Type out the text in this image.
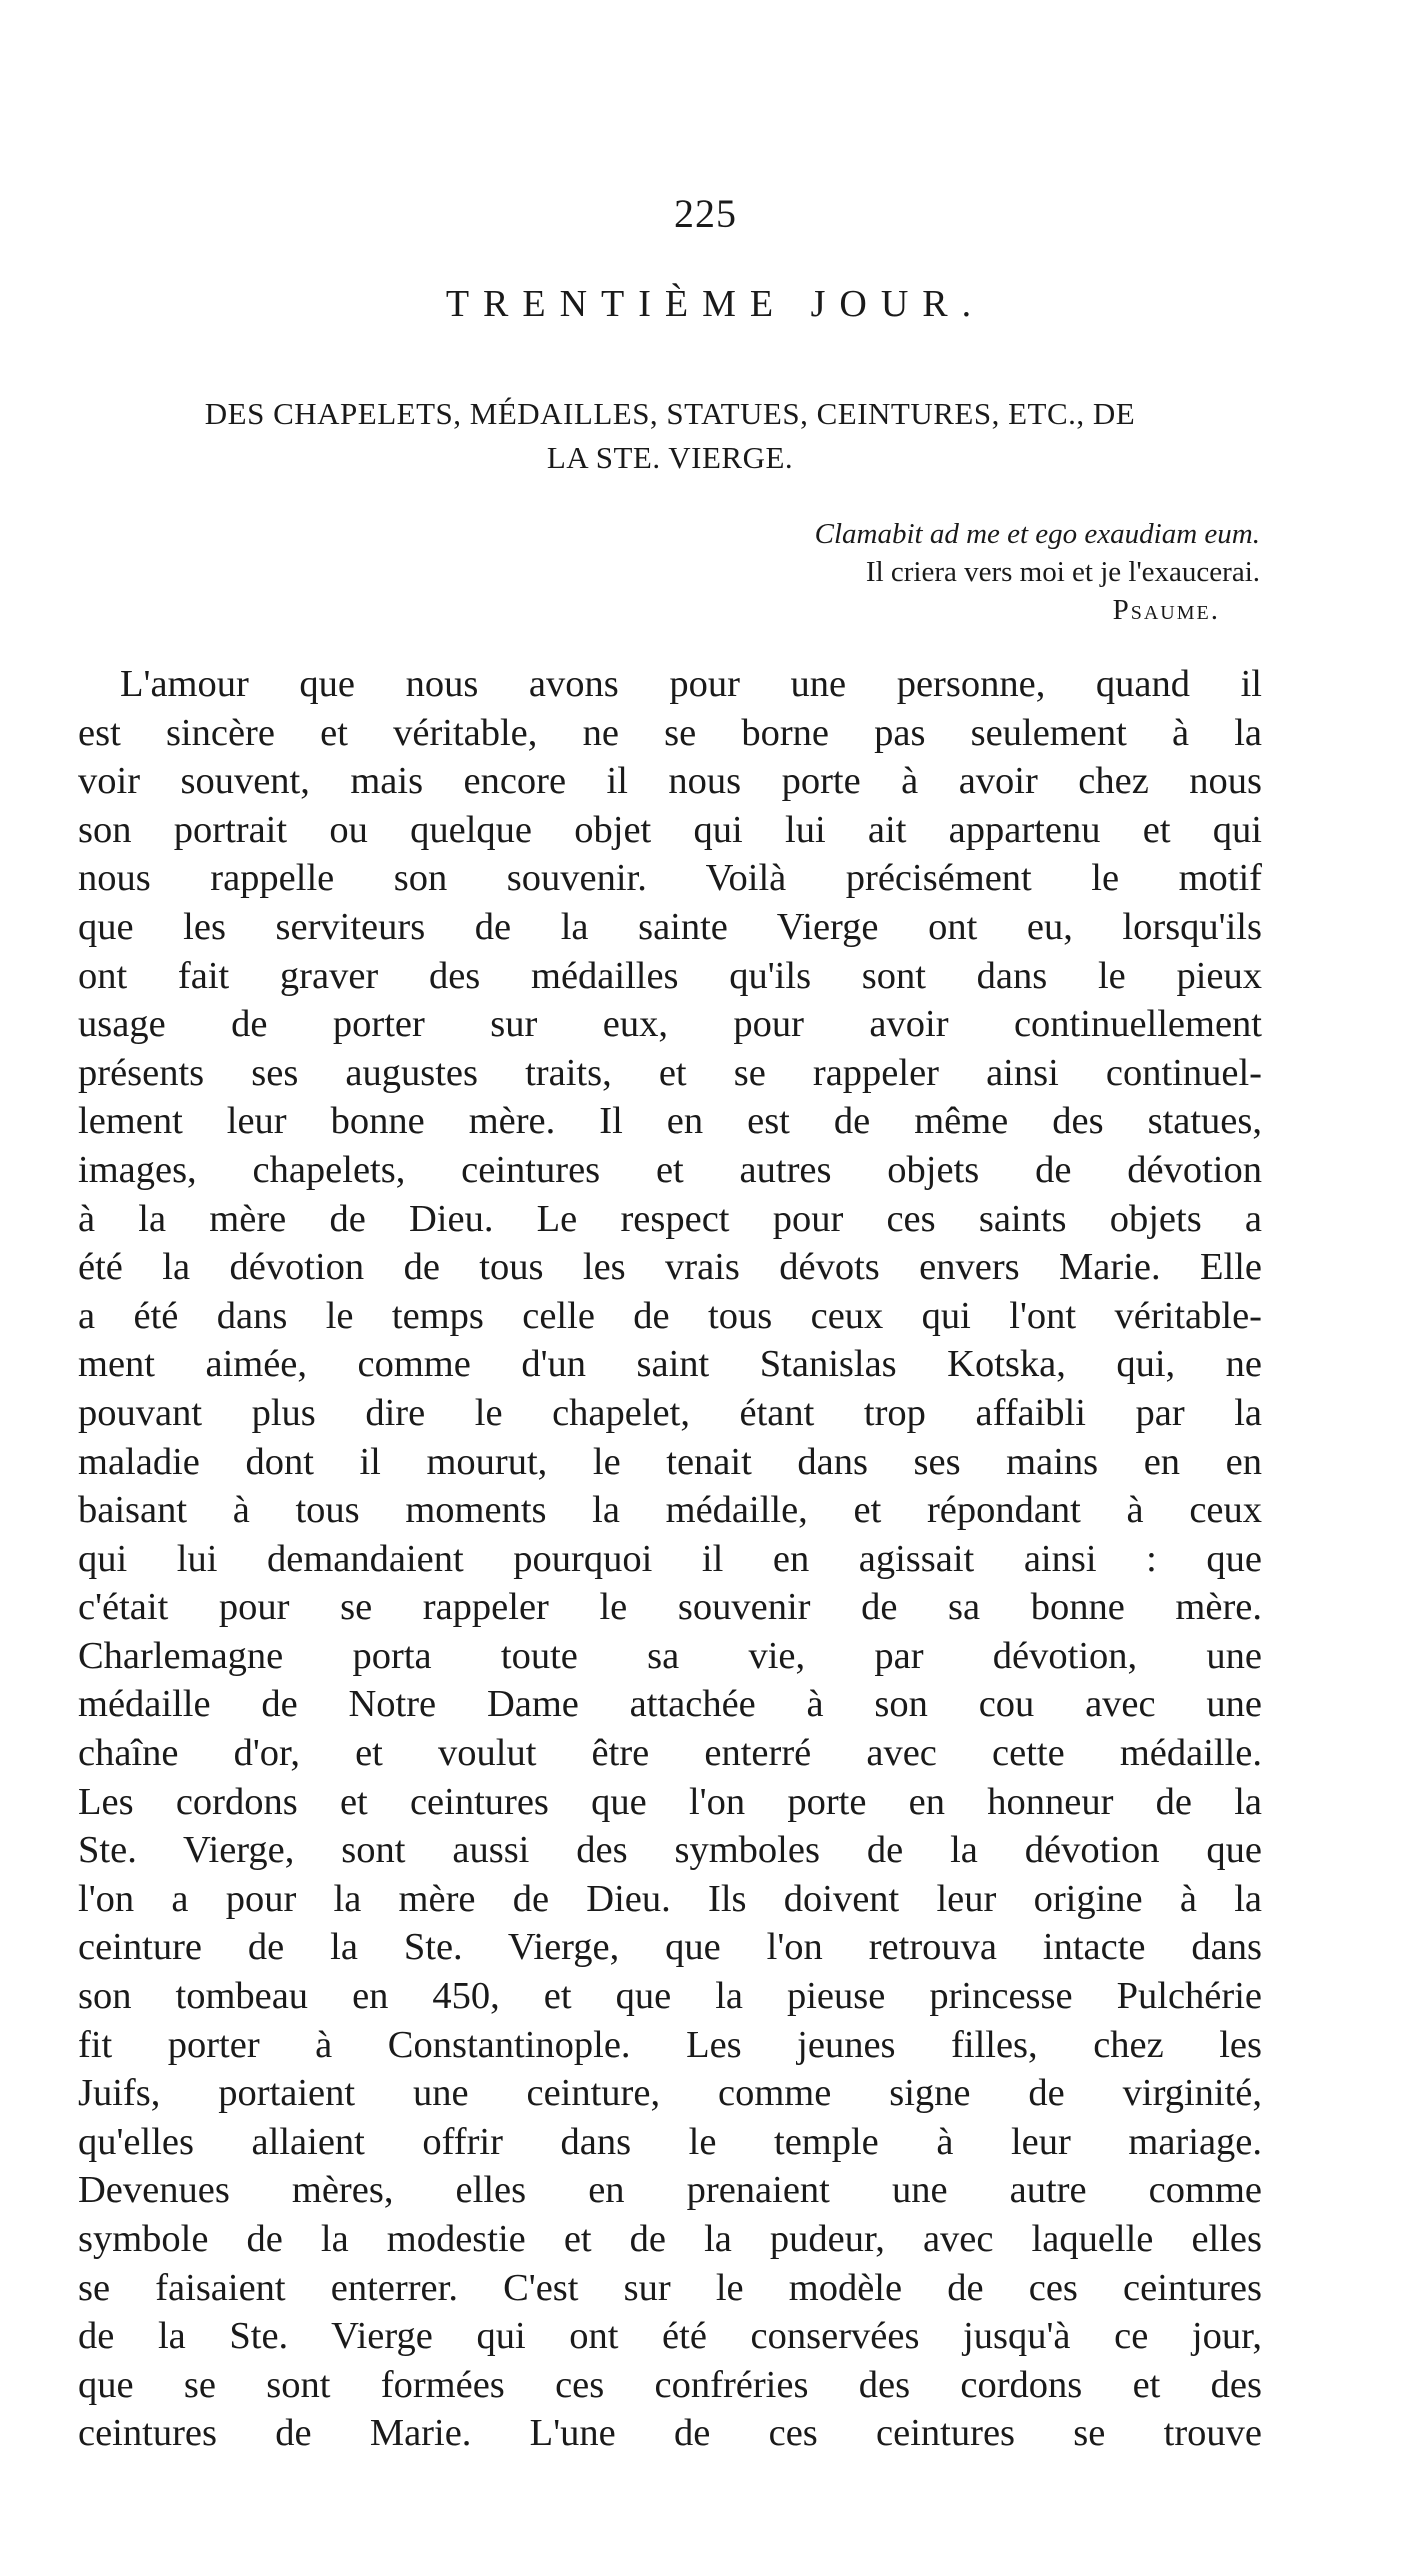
225
TRENTIÈME JOUR.
DES CHAPELETS, MÉDAILLES, STATUES, CEINTURES, ETC., DE
LA STE. VIERGE.
Clamabit ad me et ego exaudiam eum.
Il criera vers moi et je l'exaucerai.
Psaume.
L'amour que nous avons pour une personne, quand il
est sincère et véritable, ne se borne pas seulement à la
voir souvent, mais encore il nous porte à avoir chez nous
son portrait ou quelque objet qui lui ait appartenu et qui
nous rappelle son souvenir. Voilà précisément le motif
que les serviteurs de la sainte Vierge ont eu, lorsqu'ils
ont fait graver des médailles qu'ils sont dans le pieux
usage de porter sur eux, pour avoir continuellement
présents ses augustes traits, et se rappeler ainsi continuel-
lement leur bonne mère. Il en est de même des statues,
images, chapelets, ceintures et autres objets de dévotion
à la mère de Dieu. Le respect pour ces saints objets a
été la dévotion de tous les vrais dévots envers Marie. Elle
a été dans le temps celle de tous ceux qui l'ont véritable-
ment aimée, comme d'un saint Stanislas Kotska, qui, ne
pouvant plus dire le chapelet, étant trop affaibli par la
maladie dont il mourut, le tenait dans ses mains en en
baisant à tous moments la médaille, et répondant à ceux
qui lui demandaient pourquoi il en agissait ainsi : que
c'était pour se rappeler le souvenir de sa bonne mère.
Charlemagne porta toute sa vie, par dévotion, une
médaille de Notre Dame attachée à son cou avec une
chaîne d'or, et voulut être enterré avec cette médaille.
Les cordons et ceintures que l'on porte en honneur de la
Ste. Vierge, sont aussi des symboles de la dévotion que
l'on a pour la mère de Dieu. Ils doivent leur origine à la
ceinture de la Ste. Vierge, que l'on retrouva intacte dans
son tombeau en 450, et que la pieuse princesse Pulchérie
fit porter à Constantinople. Les jeunes filles, chez les
Juifs, portaient une ceinture, comme signe de virginité,
qu'elles allaient offrir dans le temple à leur mariage.
Devenues mères, elles en prenaient une autre comme
symbole de la modestie et de la pudeur, avec laquelle elles
se faisaient enterrer. C'est sur le modèle de ces ceintures
de la Ste. Vierge qui ont été conservées jusqu'à ce jour,
que se sont formées ces confréries des cordons et des
ceintures de Marie. L'une de ces ceintures se trouve
